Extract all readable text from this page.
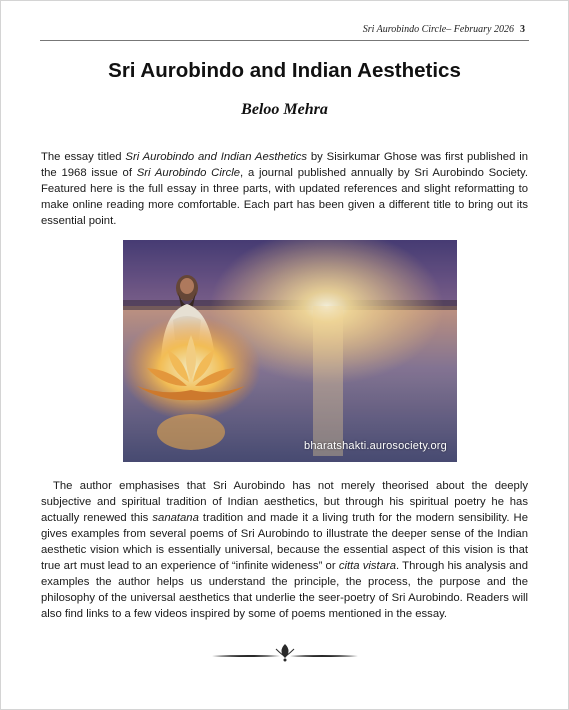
Sri Aurobindo Circle– February 2026 3
Sri Aurobindo and Indian Aesthetics
Beloo Mehra

The essay titled Sri Aurobindo and Indian Aesthetics by Sisirkumar Ghose was first published in the 1968 issue of Sri Aurobindo Circle, a journal published annually by Sri Aurobindo Society. Featured here is the full essay in three parts, with updated references and slight reformatting to make online reading more comfortable. Each part has been given a different title to bring out its essential point.

bharatshakti.aurosociety.org

The author emphasises that Sri Aurobindo has not merely theorised about the deeply subjective and spiritual tradition of Indian aesthetics, but through his spiritual poetry he has actually renewed this sanatana tradition and made it a living truth for the modern sensibility. He gives examples from several poems of Sri Aurobindo to illustrate the deeper sense of the Indian aesthetic vision which is essentially universal, because the essential aspect of this vision is that true art must lead to an experience of “infinite wideness” or citta vistara. Through his analysis and examples the author helps us understand the principle, the process, the purpose and the philosophy of the universal aesthetics that underlie the seer-poetry of Sri Aurobindo. Readers will also find links to a few videos inspired by some of poems mentioned in the essay.
